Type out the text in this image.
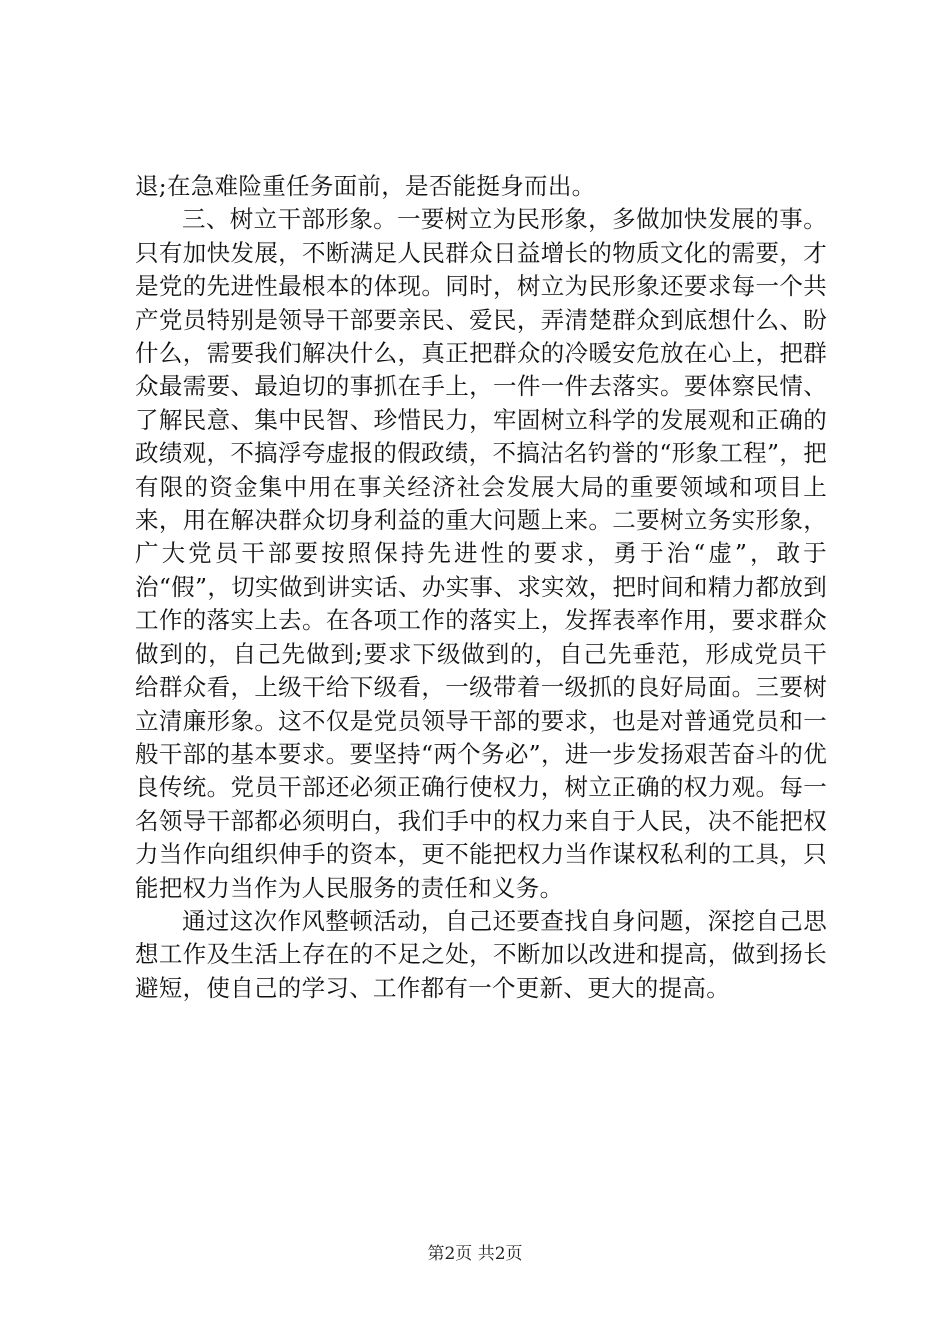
退;在急难险重任务面前，是否能挺身而出。

三、树立干部形象。一要树立为民形象，多做加快发展的事。只有加快发展，不断满足人民群众日益增长的物质文化的需要，才是党的先进性最根本的体现。同时，树立为民形象还要求每一个共产党员特别是领导干部要亲民、爱民，弄清楚群众到底想什么、盼什么，需要我们解决什么，真正把群众的冷暖安危放在心上，把群众最需要、最迫切的事抓在手上，一件一件去落实。要体察民情、了解民意、集中民智、珍惜民力，牢固树立科学的发展观和正确的政绩观，不搞浮夸虚报的假政绩，不搞沽名钓誉的“形象工程”，把有限的资金集中用在事关经济社会发展大局的重要领域和项目上来，用在解决群众切身利益的重大问题上来。二要树立务实形象，广大党员干部要按照保持先进性的要求，勇于治“虚”，敢于治“假”，切实做到讲实话、办实事、求实效，把时间和精力都放到工作的落实上去。在各项工作的落实上，发挥表率作用，要求群众做到的，自己先做到;要求下级做到的，自己先垂范，形成党员干给群众看，上级干给下级看，一级带着一级抓的良好局面。三要树立清廉形象。这不仅是党员领导干部的要求，也是对普通党员和一般干部的基本要求。要坚持“两个务必”，进一步发扬艰苦奋斗的优良传统。党员干部还必须正确行使权力，树立正确的权力观。每一名领导干部都必须明白，我们手中的权力来自于人民，决不能把权力当作向组织伸手的资本，更不能把权力当作谋权私利的工具，只能把权力当作为人民服务的责任和义务。

通过这次作风整顿活动，自己还要查找自身问题，深挖自己思想工作及生活上存在的不足之处，不断加以改进和提高，做到扬长避短，使自己的学习、工作都有一个更新、更大的提高。

第2页 共2页
